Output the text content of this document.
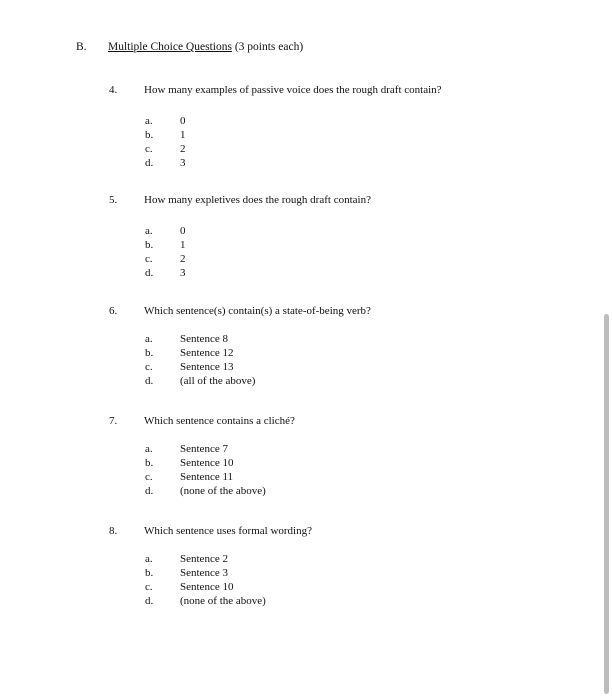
B. Multiple Choice Questions (3 points each)
4. How many examples of passive voice does the rough draft contain?
a. 0
b. 1
c. 2
d. 3
5. How many expletives does the rough draft contain?
a. 0
b. 1
c. 2
d. 3
6. Which sentence(s) contain(s) a state-of-being verb?
a. Sentence 8
b. Sentence 12
c. Sentence 13
d. (all of the above)
7. Which sentence contains a cliché?
a. Sentence 7
b. Sentence 10
c. Sentence 11
d. (none of the above)
8. Which sentence uses formal wording?
a. Sentence 2
b. Sentence 3
c. Sentence 10
d. (none of the above)
